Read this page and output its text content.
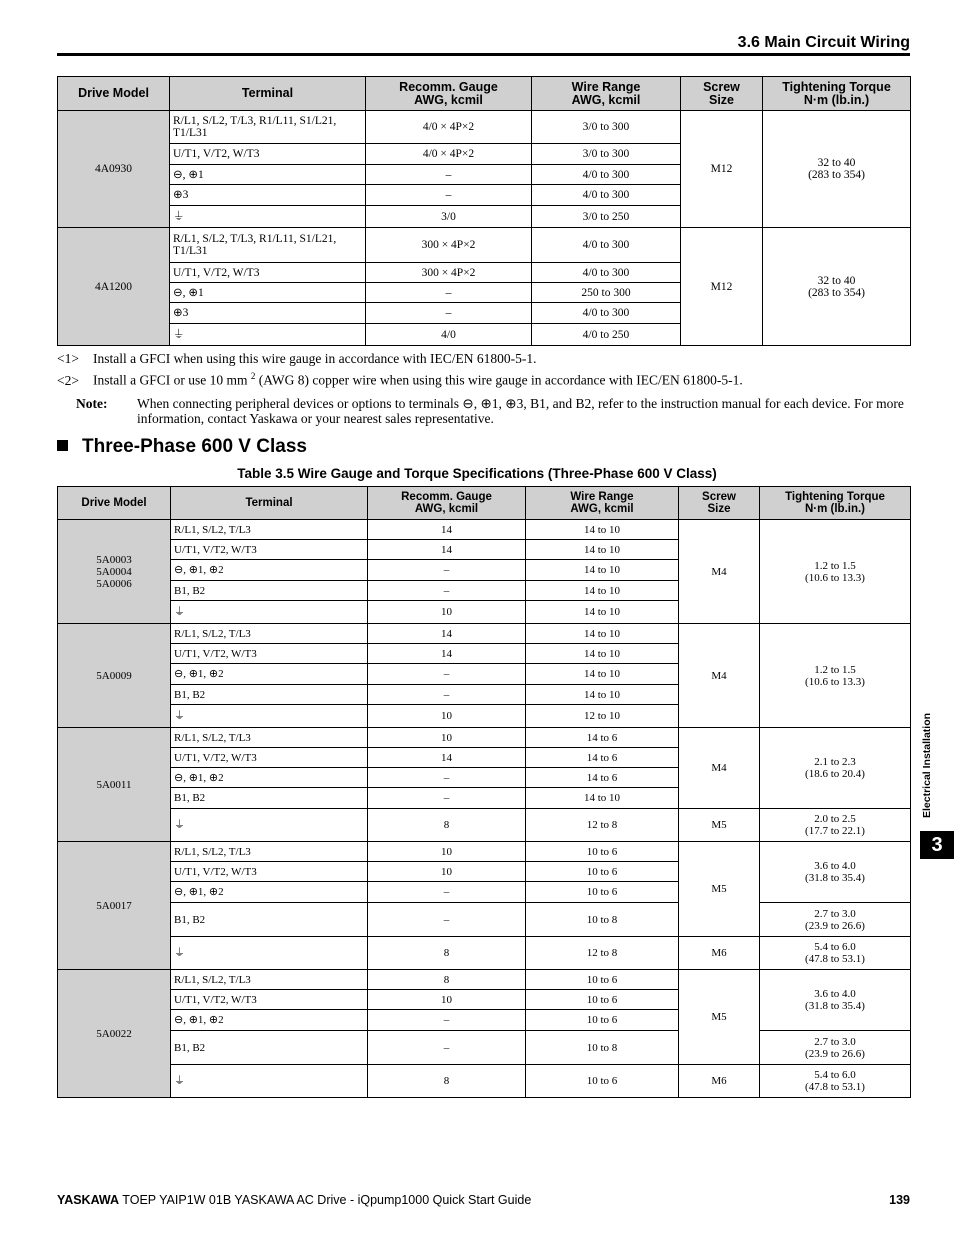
3.6 Main Circuit Wiring
Drive Model	Terminal	Recomm. Gauge AWG, kcmil	Wire Range AWG, kcmil	Screw Size	Tightening Torque N·m (lb.in.)

4A0930	R/L1, S/L2, T/L3, R1/L11, S1/L21, T1/L31	4/0 × 4P×2	3/0 to 300	M12	32 to 40
(283 to 354)
	U/T1, V/T2, W/T3	4/0 × 4P×2	3/0 to 300		
	⊖, ⊕1	–	4/0 to 300		
	⊕3	–	4/0 to 300		
	⏚	3/0	3/0 to 250		
4A1200	R/L1, S/L2, T/L3, R1/L11, S1/L21, T1/L31	300 × 4P×2	4/0 to 300	M12	32 to 40
(283 to 354)
	U/T1, V/T2, W/T3	300 × 4P×2	4/0 to 300		
	⊖, ⊕1	–	250 to 300		
	⊕3	–	4/0 to 300		
	⏚	4/0	4/0 to 250		
<1> Install a GFCI when using this wire gauge in accordance with IEC/EN 61800-5-1.
<2> Install a GFCI or use 10 mm $^2$ (AWG 8) copper wire when using this wire gauge in accordance with IEC/EN 61800-5-1.
Note: When connecting peripheral devices or options to terminals ⊖, ⊕1, ⊕3, B1, and B2, refer to the instruction manual for each device. For more information, contact Yaskawa or your nearest sales representative.
Three-Phase 600 V Class
Table 3.5 Wire Gauge and Torque Specifications (Three-Phase 600 V Class)
Drive Model	Terminal	Recomm. Gauge AWG, kcmil	Wire Range AWG, kcmil	Screw Size	Tightening Torque N·m (lb.in.)

5A0003
5A0004
5A0006	R/L1, S/L2, T/L3	14	14 to 10	M4	1.2 to 1.5
(10.6 to 13.3)
	U/T1, V/T2, W/T3	14	14 to 10		
	⊖, ⊕1, ⊕2	–	14 to 10		
	B1, B2	–	14 to 10		
	⏚	10	14 to 10		
5A0009	R/L1, S/L2, T/L3	14	14 to 10	M4	1.2 to 1.5
(10.6 to 13.3)
	U/T1, V/T2, W/T3	14	14 to 10		
	⊖, ⊕1, ⊕2	–	14 to 10		
	B1, B2	–	14 to 10		
	⏚	10	12 to 10		
5A0011	R/L1, S/L2, T/L3	10	14 to 6	M4	2.1 to 2.3
(18.6 to 20.4)
	U/T1, V/T2, W/T3	14	14 to 6		
	⊖, ⊕1, ⊕2	–	14 to 6		
	B1, B2	–	14 to 10		
	⏚	8	12 to 8	M5	2.0 to 2.5
(17.7 to 22.1)
5A0017	R/L1, S/L2, T/L3	10	10 to 6	M5	3.6 to 4.0
(31.8 to 35.4)
	U/T1, V/T2, W/T3	10	10 to 6		
	⊖, ⊕1, ⊕2	–	10 to 6		
	B1, B2	–	10 to 8		2.7 to 3.0
(23.9 to 26.6)
	⏚	8	12 to 8	M6	5.4 to 6.0
(47.8 to 53.1)
5A0022	R/L1, S/L2, T/L3	8	10 to 6	M5	3.6 to 4.0
(31.8 to 35.4)
	U/T1, V/T2, W/T3	10	10 to 6		
	⊖, ⊕1, ⊕2	–	10 to 6		
	B1, B2	–	10 to 8		2.7 to 3.0
(23.9 to 26.6)
	⏚	8	10 to 6	M6	5.4 to 6.0
(47.8 to 53.1)
Electrical Installation
3
YASKAWA TOEP YAIP1W 01B YASKAWA AC Drive - iQpump1000 Quick Start Guide	139
